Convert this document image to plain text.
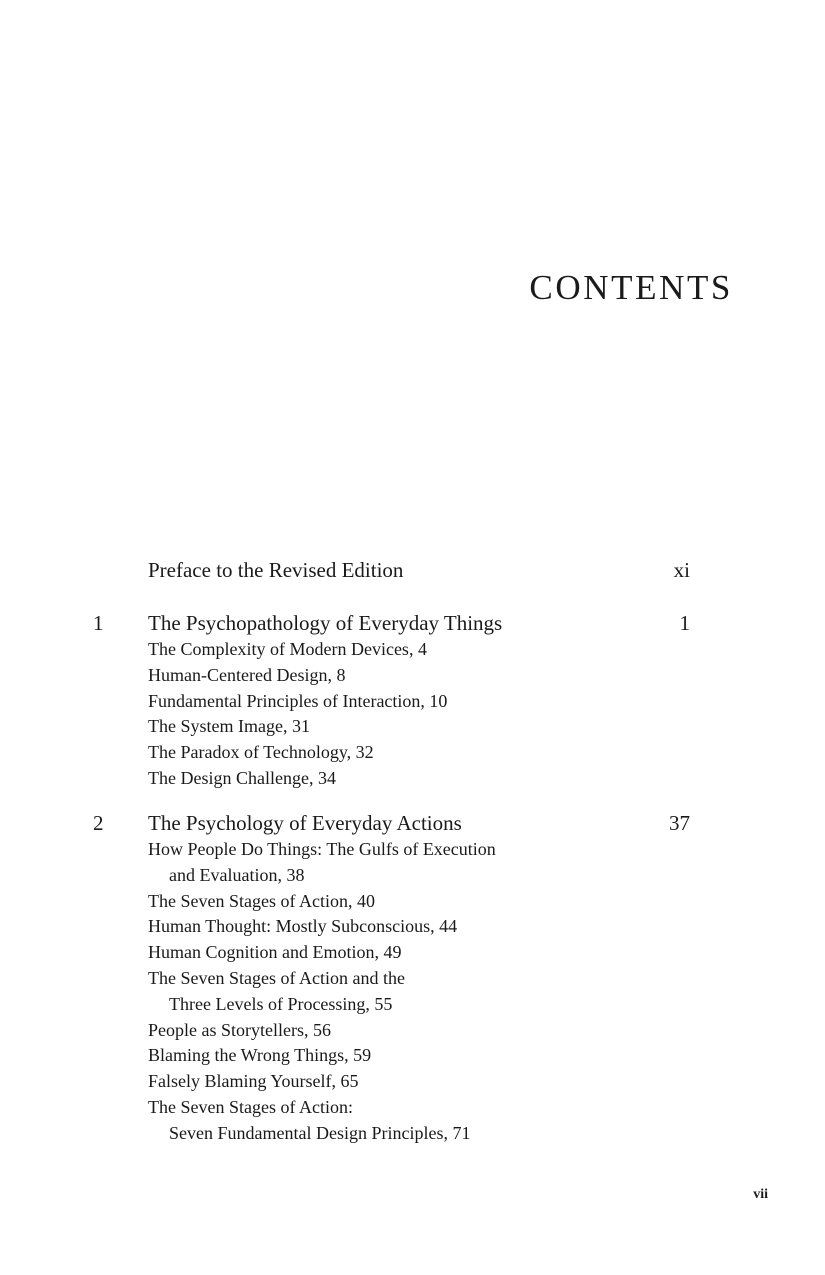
CONTENTS
Preface to the Revised Edition	xi
1 The Psychopathology of Everyday Things	1
The Complexity of Modern Devices, 4
Human-Centered Design, 8
Fundamental Principles of Interaction, 10
The System Image, 31
The Paradox of Technology, 32
The Design Challenge, 34
2 The Psychology of Everyday Actions	37
How People Do Things: The Gulfs of Execution
and Evaluation, 38
The Seven Stages of Action, 40
Human Thought: Mostly Subconscious, 44
Human Cognition and Emotion, 49
The Seven Stages of Action and the
Three Levels of Processing, 55
People as Storytellers, 56
Blaming the Wrong Things, 59
Falsely Blaming Yourself, 65
The Seven Stages of Action:
Seven Fundamental Design Principles, 71
vii
